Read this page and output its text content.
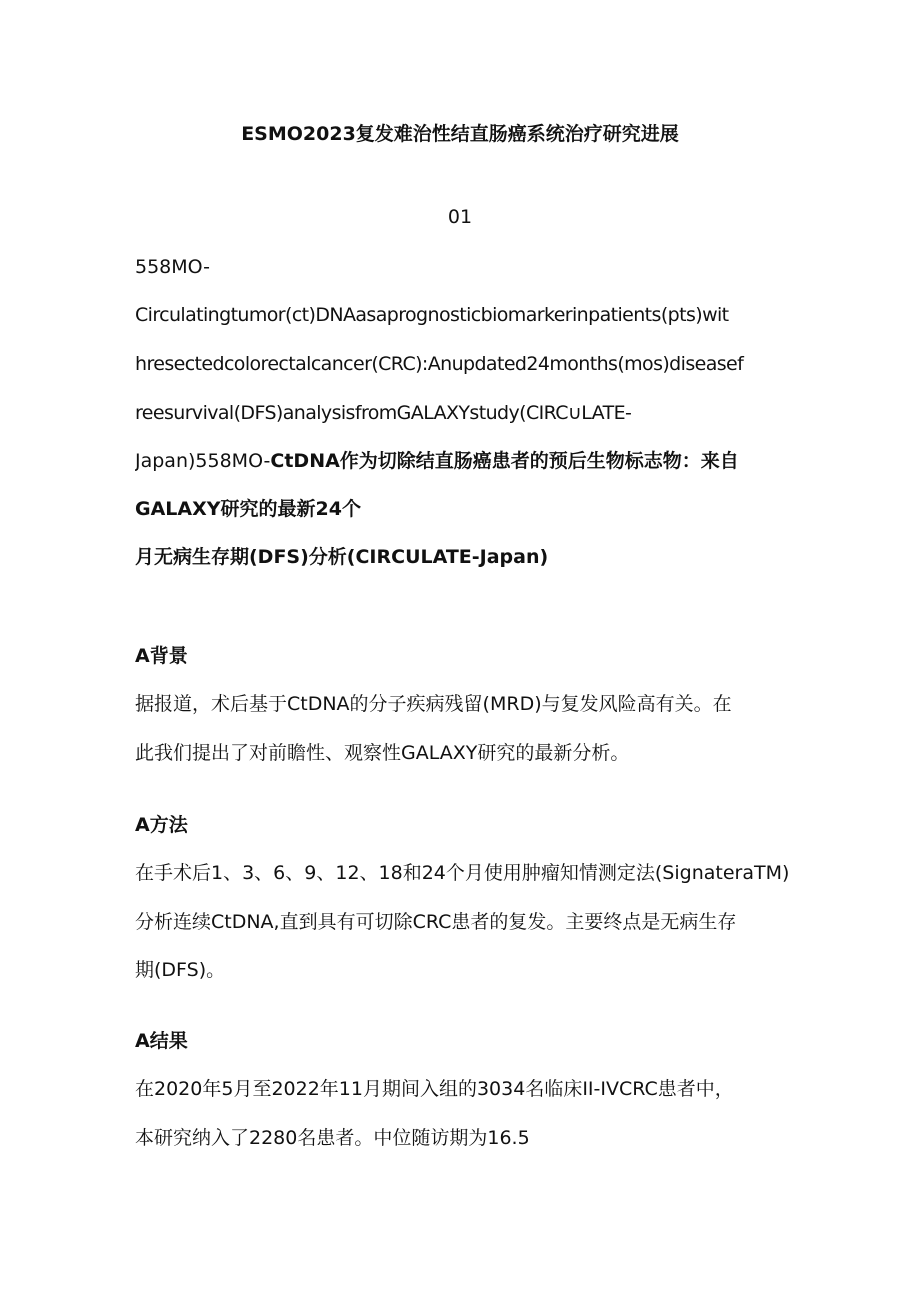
ESMO2023复发难治性结直肠癌系统治疗研究进展
01
558MO-
Circulatingtumor(ct)DNAasaprognosticbiomarkerinpatients(pts)wit
hresectedcolorectalcancer(CRC):Anupdated24months(mos)diseasef
reesurvival(DFS)analysisfromGALAXYstudy(CIRC∪LATE-
Japan)558MO-CtDNA作为切除结直肠癌患者的预后生物标志物：来自
GALAXY研究的最新24个
月无病生存期(DFS)分析(CIRCULATE-Japan)
A背景
据报道，术后基于CtDNA的分子疾病残留(MRD)与复发风险高有关。在
此我们提出了对前瞻性、观察性GALAXY研究的最新分析。
A方法
在手术后1、3、6、9、12、18和24个月使用肿瘤知情测定法(SignateraTM)
分析连续CtDNA,直到具有可切除CRC患者的复发。主要终点是无病生存
期(DFS)。
A结果
在2020年5月至2022年11月期间入组的3034名临床II-IVCRC患者中，
本研究纳入了2280名患者。中位随访期为16.5
